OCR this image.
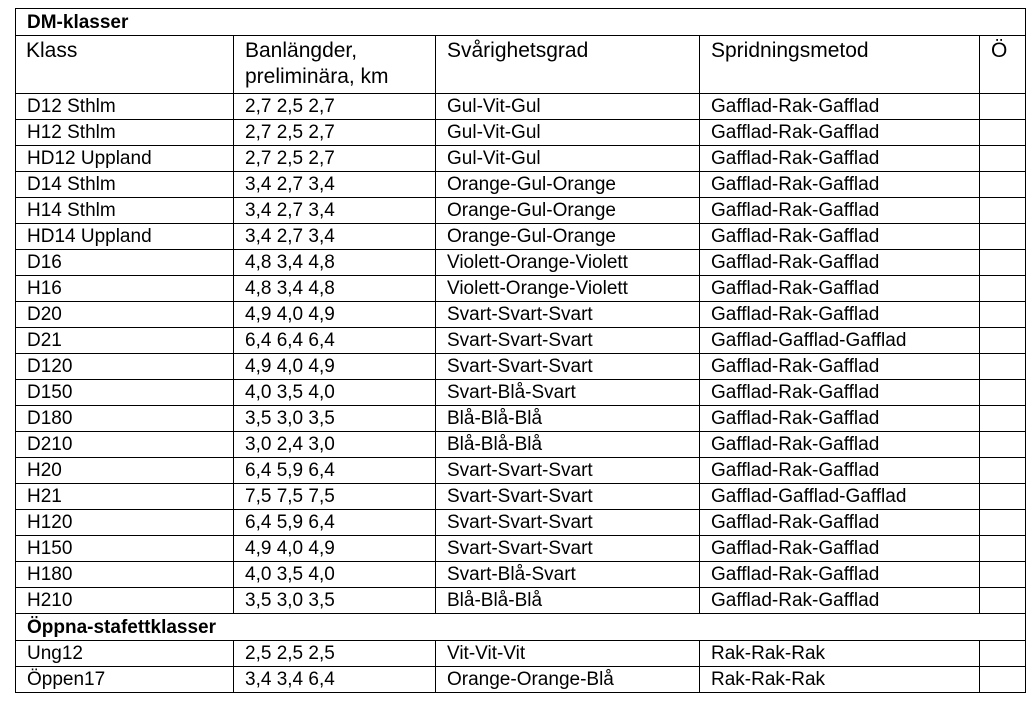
DM-klasser				
Klass	Banlängder, preliminära, km	Svårighetsgrad	Spridningsmetod	Ö
D12 Sthlm	2,7 2,5 2,7	Gul-Vit-Gul	Gafflad-Rak-Gafflad	
H12 Sthlm	2,7 2,5 2,7	Gul-Vit-Gul	Gafflad-Rak-Gafflad	
HD12 Uppland	2,7 2,5 2,7	Gul-Vit-Gul	Gafflad-Rak-Gafflad	
D14 Sthlm	3,4 2,7 3,4	Orange-Gul-Orange	Gafflad-Rak-Gafflad	
H14 Sthlm	3,4 2,7 3,4	Orange-Gul-Orange	Gafflad-Rak-Gafflad	
HD14 Uppland	3,4 2,7 3,4	Orange-Gul-Orange	Gafflad-Rak-Gafflad	
D16	4,8 3,4 4,8	Violett-Orange-Violett	Gafflad-Rak-Gafflad	
H16	4,8 3,4 4,8	Violett-Orange-Violett	Gafflad-Rak-Gafflad	
D20	4,9 4,0 4,9	Svart-Svart-Svart	Gafflad-Rak-Gafflad	
D21	6,4 6,4 6,4	Svart-Svart-Svart	Gafflad-Gafflad-Gafflad	
D120	4,9 4,0 4,9	Svart-Svart-Svart	Gafflad-Rak-Gafflad	
D150	4,0 3,5 4,0	Svart-Blå-Svart	Gafflad-Rak-Gafflad	
D180	3,5 3,0 3,5	Blå-Blå-Blå	Gafflad-Rak-Gafflad	
D210	3,0 2,4 3,0	Blå-Blå-Blå	Gafflad-Rak-Gafflad	
H20	6,4 5,9 6,4	Svart-Svart-Svart	Gafflad-Rak-Gafflad	
H21	7,5 7,5 7,5	Svart-Svart-Svart	Gafflad-Gafflad-Gafflad	
H120	6,4 5,9 6,4	Svart-Svart-Svart	Gafflad-Rak-Gafflad	
H150	4,9 4,0 4,9	Svart-Svart-Svart	Gafflad-Rak-Gafflad	
H180	4,0 3,5 4,0	Svart-Blå-Svart	Gafflad-Rak-Gafflad	
H210	3,5 3,0 3,5	Blå-Blå-Blå	Gafflad-Rak-Gafflad	
Öppna-stafettklasser				
Ung12	2,5 2,5 2,5	Vit-Vit-Vit	Rak-Rak-Rak	
Öppen17	3,4 3,4 6,4	Orange-Orange-Blå	Rak-Rak-Rak	
